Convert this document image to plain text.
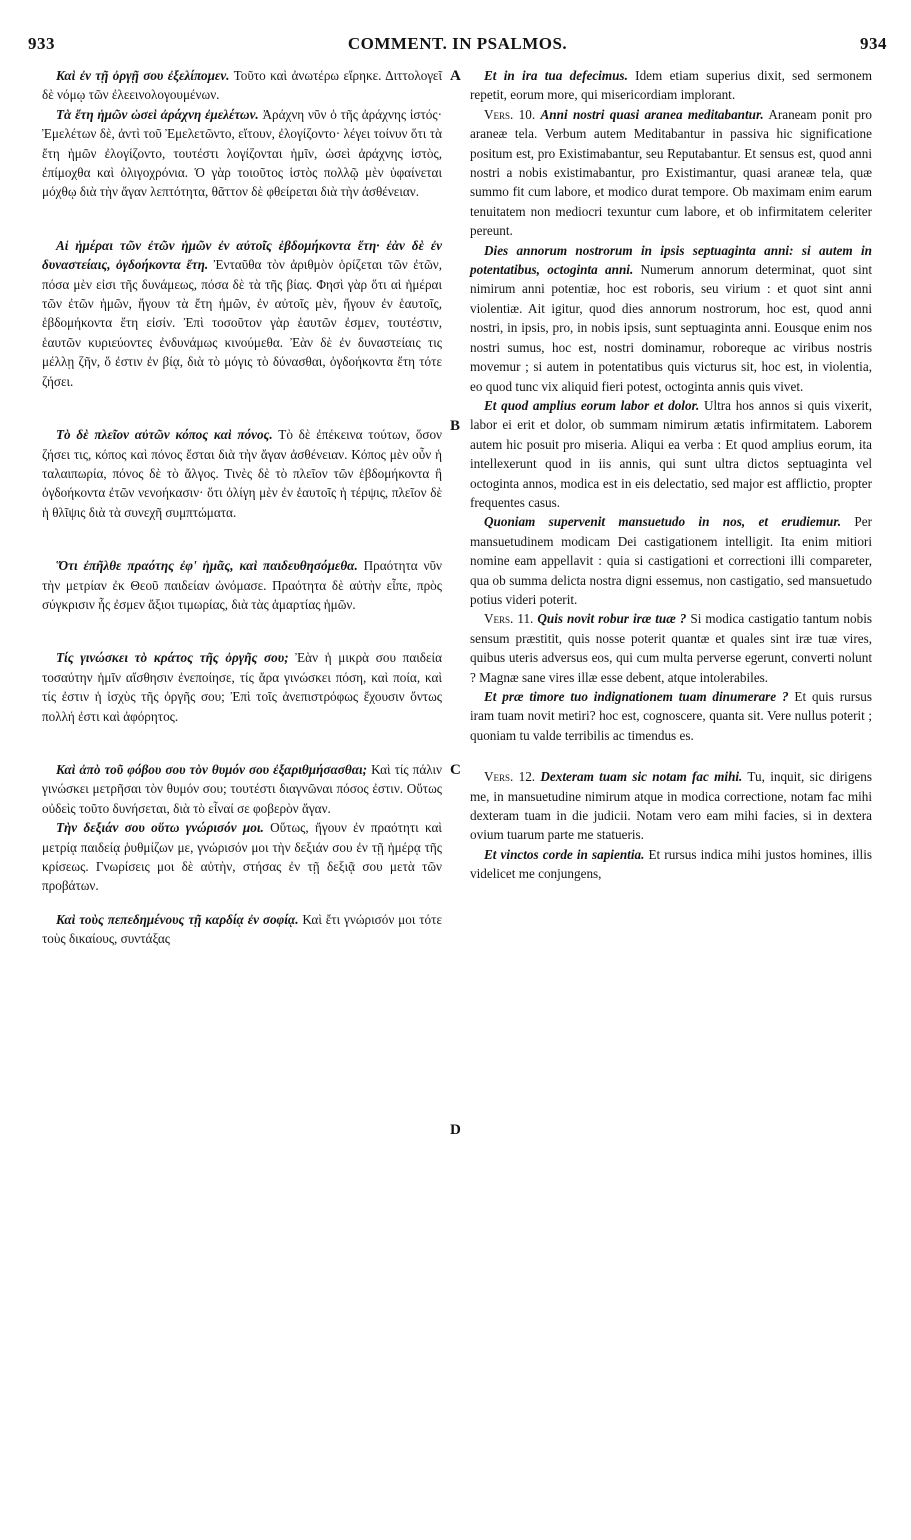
933	COMMENT. IN PSALMOS.	934
A
B
C
D

Καὶ ἐν τῇ ὀργῇ σου ἐξελίπομεν. Τοῦτο καὶ ἀνωτέρω εἴρηκε. Διττολογεῖ δὲ νόμῳ τῶν ἐλεεινολογουμένων.

Τὰ ἔτη ἡμῶν ὡσεὶ ἀράχνη ἐμελέτων. Ἀράχνη νῦν ὁ τῆς ἀράχνης ἱστός· Ἐμελέτων δὲ, ἀντὶ τοῦ Ἐμελετῶντο, εἴτουν, ἐλογίζοντο· λέγει τοίνυν ὅτι τὰ ἔτη ἡμῶν ἐλογίζοντο, τουτέστι λογίζονται ἡμῖν, ὡσεὶ ἀράχνης ἱστὸς, ἐπίμοχθα καὶ ὀλιγοχρόνια. Ὁ γὰρ τοιοῦτος ἱστὸς πολλῷ μὲν ὑφαίνεται μόχθῳ διὰ τὴν ἄγαν λεπτότητα, θᾶττον δὲ φθείρεται διὰ τὴν ἀσθένειαν.

Αἱ ἡμέραι τῶν ἐτῶν ἡμῶν ἐν αὐτοῖς ἑβδομήκοντα ἔτη· ἐὰν δὲ ἐν δυναστείαις, ὀγδοήκοντα ἔτη. Ἐνταῦθα τὸν ἀριθμὸν ὁρίζεται τῶν ἐτῶν, πόσα μὲν εἰσι τῆς δυνάμεως, πόσα δὲ τὰ τῆς βίας. Φησὶ γὰρ ὅτι αἱ ἡμέραι τῶν ἐτῶν ἡμῶν, ἤγουν τὰ ἔτη ἡμῶν, ἐν αὐτοῖς μὲν, ἤγουν ἐν ἑαυτοῖς, ἑβδομήκοντα ἔτη εἰσίν. Ἐπὶ τοσοῦτον γὰρ ἑαυτῶν ἐσμεν, τουτέστιν, ἑαυτῶν κυριεύοντες ἐνδυνάμως κινούμεθα. Ἐὰν δὲ ἐν δυναστείαις τις μέλλῃ ζῆν, ὅ ἐστιν ἐν βίᾳ, διὰ τὸ μόγις τὸ δύνασθαι, ὀγδοήκοντα ἔτη τότε ζήσει.

Τὸ δὲ πλεῖον αὐτῶν κόπος καὶ πόνος. Τὸ δὲ ἐπέκεινα τούτων, ὅσον ζήσει τις, κόπος καὶ πόνος ἔσται διὰ τὴν ἄγαν ἀσθένειαν. Κόπος μὲν οὖν ἡ ταλαιπωρία, πόνος δὲ τὸ ἄλγος. Τινὲς δὲ τὸ πλεῖον τῶν ἑβδομήκοντα ἢ ὀγδοήκοντα ἐτῶν νενοήκασιν· ὅτι ὀλίγη μὲν ἐν ἑαυτοῖς ἡ τέρψις, πλεῖον δὲ ἡ θλῖψις διὰ τὰ συνεχῆ συμπτώματα.

Ὅτι ἐπῆλθε πραότης ἐφ' ἡμᾶς, καὶ παιδευθησόμεθα. Πραότητα νῦν τὴν μετρίαν ἐκ Θεοῦ παιδείαν ὠνόμασε. Πραότητα δὲ αὐτὴν εἶπε, πρὸς σύγκρισιν ἧς ἐσμεν ἄξιοι τιμωρίας, διὰ τὰς ἁμαρτίας ἡμῶν.

Τίς γινώσκει τὸ κράτος τῆς ὀργῆς σου; Ἐὰν ἡ μικρὰ σου παιδεία τοσαύτην ἡμῖν αἴσθησιν ἐνεποίησε, τίς ἄρα γινώσκει πόση, καὶ ποία, καὶ τίς ἐστιν ἡ ἰσχὺς τῆς ὀργῆς σου; Ἐπὶ τοῖς ἀνεπιστρόφως ἔχουσιν ὄντως πολλή ἐστι καὶ ἀφόρητος.

Καὶ ἀπὸ τοῦ φόβου σου τὸν θυμόν σου ἐξαριθμήσασθαι; Καὶ τίς πάλιν γινώσκει μετρῆσαι τὸν θυμόν σου; τουτέστι διαγνῶναι πόσος ἐστιν. Οὕτως οὐδεὶς τοῦτο δυνήσεται, διὰ τὸ εἶναί σε φοβερὸν ἄγαν.

Τὴν δεξιάν σου οὕτω γνώρισόν μοι. Οὕτως, ἤγουν ἐν πραότητι καὶ μετρίᾳ παιδείᾳ ῥυθμίζων με, γνώρισόν μοι τὴν δεξιάν σου ἐν τῇ ἡμέρᾳ τῆς κρίσεως. Γνωρίσεις μοι δὲ αὐτὴν, στήσας ἐν τῇ δεξιᾷ σου μετὰ τῶν προβάτων.

Καὶ τοὺς πεπεδημένους τῇ καρδίᾳ ἐν σοφίᾳ. Καὶ ἔτι γνώρισόν μοι τότε τοὺς δικαίους, συντάξας

Et in ira tua defecimus. Idem etiam superius dixit, sed sermonem repetit, eorum more, qui misericordiam implorant.

Vers. 10. Anni nostri quasi aranea meditabantur. Araneam ponit pro araneæ tela. Verbum autem Meditabantur in passiva hic significatione positum est, pro Existimabantur, seu Reputabantur. Et sensus est, quod anni nostri a nobis existimabantur, pro Existimantur, quasi araneæ tela, quæ summo fit cum labore, et modico durat tempore. Ob maximam enim earum tenuitatem non mediocri texuntur cum labore, et ob infirmitatem celeriter pereunt.

Dies annorum nostrorum in ipsis septuaginta anni: si autem in potentatibus, octoginta anni. Numerum annorum determinat, quot sint nimirum anni potentiæ, hoc est roboris, seu virium : et quot sint anni violentiæ. Ait igitur, quod dies annorum nostrorum, hoc est, quod anni nostri, in ipsis, pro, in nobis ipsis, sunt septuaginta anni. Eousque enim nos nostri sumus, hoc est, nostri dominamur, roboreque ac viribus nostris movemur ; si autem in potentatibus quis victurus sit, hoc est, in violentia, eo quod tunc vix aliquid fieri potest, octoginta annis quis vivet.

Et quod amplius eorum labor et dolor. Ultra hos annos si quis vixerit, labor ei erit et dolor, ob summam nimirum ætatis infirmitatem. Laborem autem hic posuit pro miseria. Aliqui ea verba : Et quod amplius eorum, ita intellexerunt quod in iis annis, qui sunt ultra dictos septuaginta vel octoginta annos, modica est in eis delectatio, sed major est afflictio, propter frequentes casus.

Quoniam supervenit mansuetudo in nos, et erudiemur. Per mansuetudinem modicam Dei castigationem intelligit. Ita enim mitiori nomine eam appellavit : quia si castigationi et correctioni illi compareter, qua ob summa delicta nostra digni essemus, non castigatio, sed mansuetudo potius videri poterit.

Vers. 11. Quis novit robur iræ tuæ ? Si modica castigatio tantum nobis sensum præstitit, quis nosse poterit quantæ et quales sint iræ tuæ vires, quibus uteris adversus eos, qui cum multa perverse egerunt, converti nolunt ? Magnæ sane vires illæ esse debent, atque intolerabiles.

Et præ timore tuo indignationem tuam dinumerare ? Et quis rursus iram tuam novit metiri? hoc est, cognoscere, quanta sit. Vere nullus poterit ; quoniam tu valde terribilis ac timendus es.

Vers. 12. Dexteram tuam sic notam fac mihi. Tu, inquit, sic dirigens me, in mansuetudine nimirum atque in modica correctione, notam fac mihi dexteram tuam in die judicii. Notam vero eam mihi facies, si in dextera ovium tuarum parte me statueris.

Et vinctos corde in sapientia. Et rursus indica mihi justos homines, illis videlicet me conjungens,
